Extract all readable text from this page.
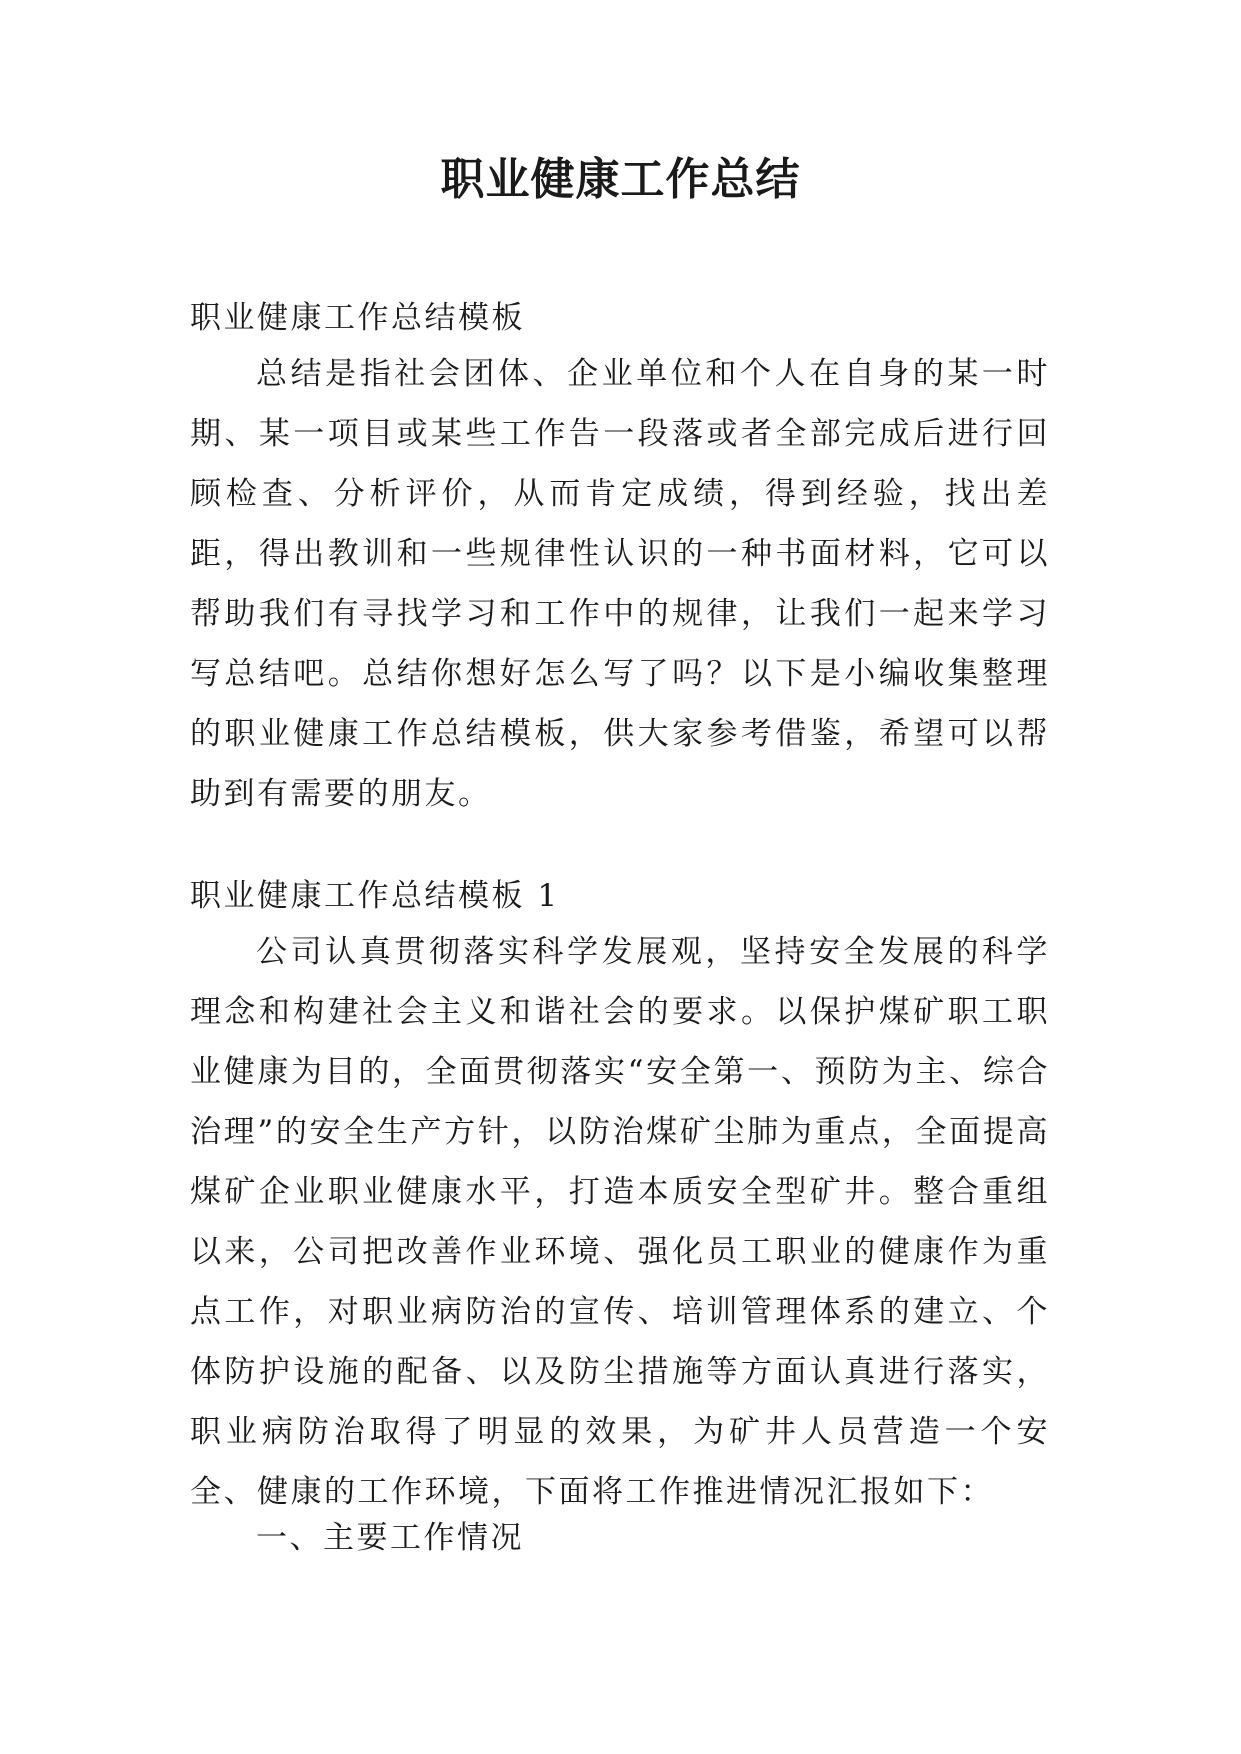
职业健康工作总结

职业健康工作总结模板

总结是指社会团体、企业单位和个人在自身的某一时期、某一项目或某些工作告一段落或者全部完成后进行回顾检查、分析评价，从而肯定成绩，得到经验，找出差距，得出教训和一些规律性认识的一种书面材料，它可以帮助我们有寻找学习和工作中的规律，让我们一起来学习写总结吧。总结你想好怎么写了吗？以下是小编收集整理的职业健康工作总结模板，供大家参考借鉴，希望可以帮助到有需要的朋友。

职业健康工作总结模板 1

公司认真贯彻落实科学发展观，坚持安全发展的科学理念和构建社会主义和谐社会的要求。以保护煤矿职工职业健康为目的，全面贯彻落实“安全第一、预防为主、综合治理”的安全生产方针，以防治煤矿尘肺为重点，全面提高煤矿企业职业健康水平，打造本质安全型矿井。整合重组以来，公司把改善作业环境、强化员工职业的健康作为重点工作，对职业病防治的宣传、培训管理体系的建立、个体防护设施的配备、以及防尘措施等方面认真进行落实，职业病防治取得了明显的效果，为矿井人员营造一个安全、健康的工作环境，下面将工作推进情况汇报如下：

一、主要工作情况
